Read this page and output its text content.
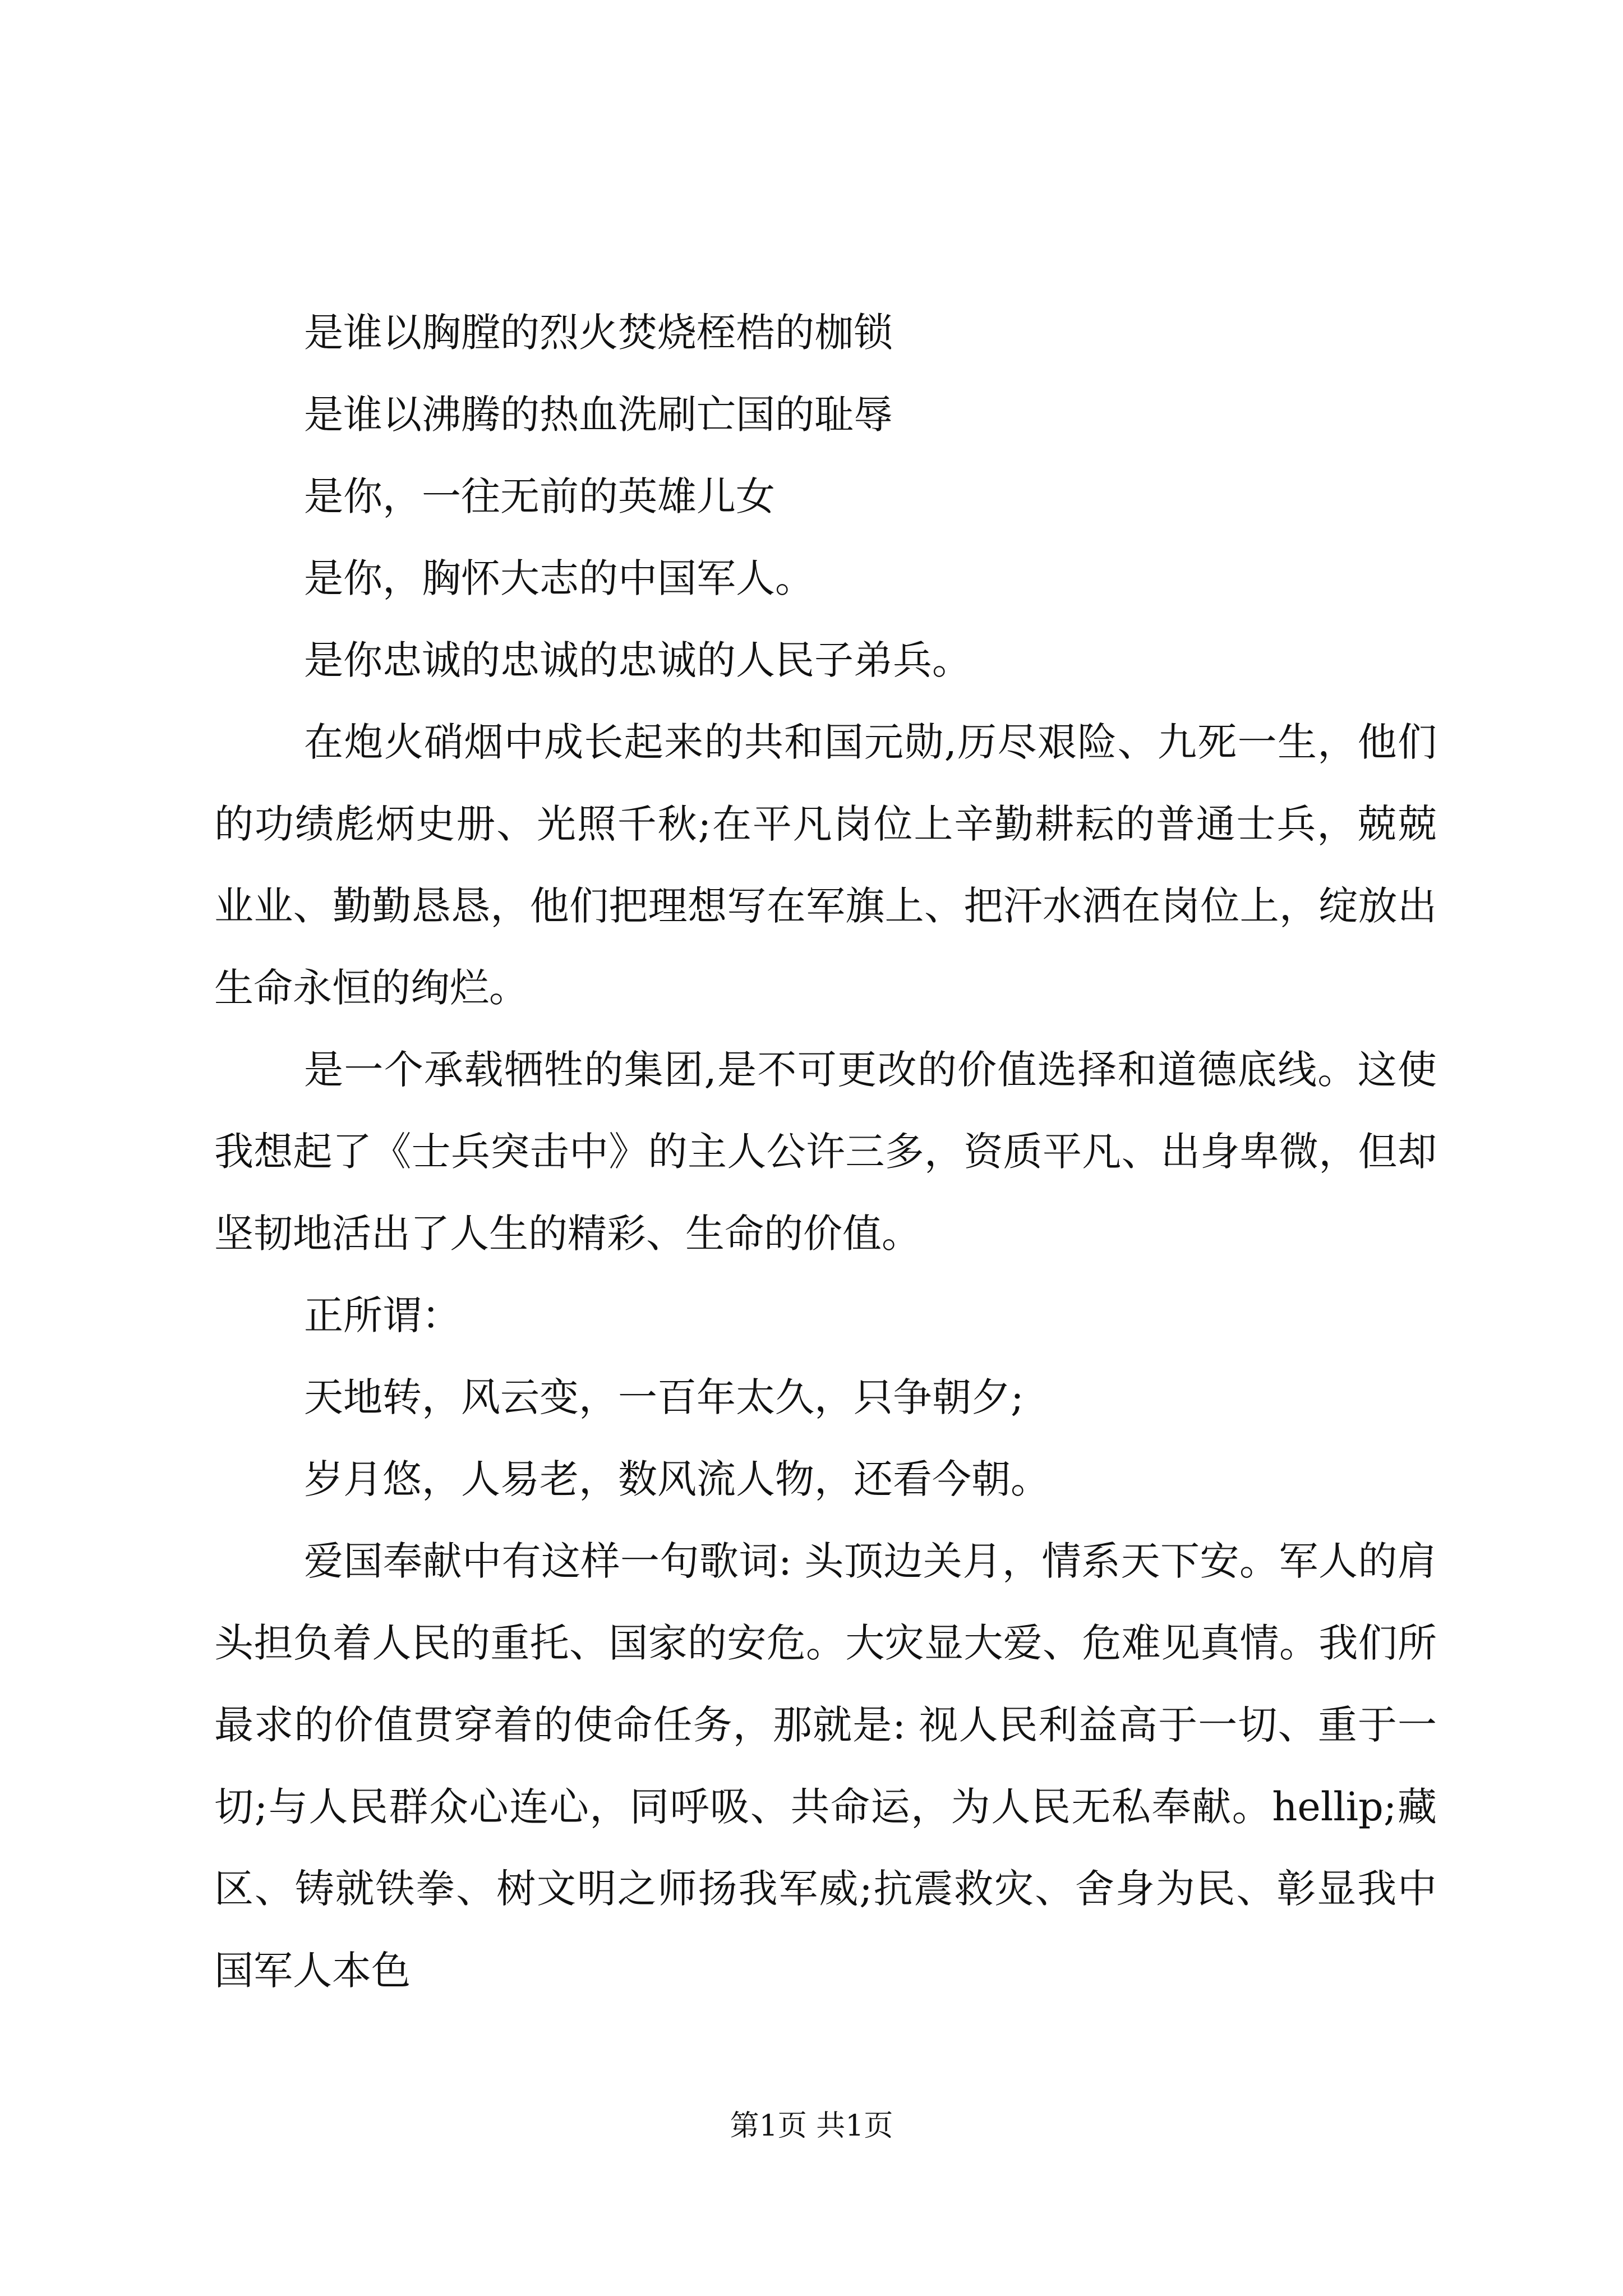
是谁以胸膛的烈火焚烧桎梏的枷锁

是谁以沸腾的热血洗刷亡国的耻辱

是你，一往无前的英雄儿女

是你，胸怀大志的中国军人。

是你忠诚的忠诚的忠诚的人民子弟兵。

在炮火硝烟中成长起来的共和国元勋,历尽艰险、九死一生，他们的功绩彪炳史册、光照千秋;在平凡岗位上辛勤耕耘的普通士兵，兢兢业业、勤勤恳恳，他们把理想写在军旗上、把汗水洒在岗位上，绽放出生命永恒的绚烂。

是一个承载牺牲的集团,是不可更改的价值选择和道德底线。这使我想起了《士兵突击中》的主人公许三多，资质平凡、出身卑微，但却坚韧地活出了人生的精彩、生命的价值。

正所谓：

天地转，风云变，一百年太久，只争朝夕;

岁月悠，人易老，数风流人物，还看今朝。

爱国奉献中有这样一句歌词: 头顶边关月，情系天下安。军人的肩头担负着人民的重托、国家的安危。大灾显大爱、危难见真情。我们所最求的价值贯穿着的使命任务，那就是: 视人民利益高于一切、重于一切;与人民群众心连心，同呼吸、共命运，为人民无私奉献。hellip;藏区、铸就铁拳、树文明之师扬我军威;抗震救灾、舍身为民、彰显我中国军人本色

第1页 共1页
